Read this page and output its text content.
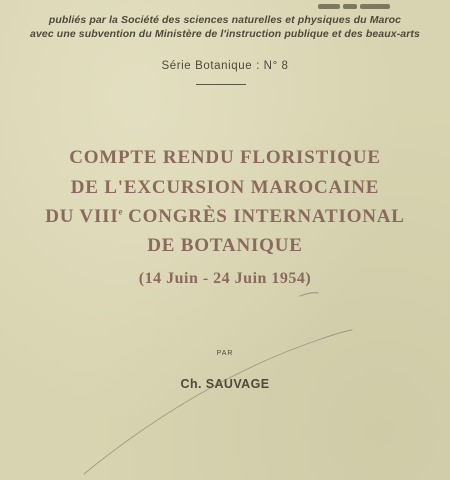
publiés par la Société des sciences naturelles et physiques du Maroc
avec une subvention du Ministère de l'instruction publique et des beaux-arts
Série Botanique : N° 8
COMPTE RENDU FLORISTIQUE
DE L'EXCURSION MAROCAINE
DU VIIIe CONGRÈS INTERNATIONAL
DE BOTANIQUE
(14 Juin - 24 Juin 1954)
PAR
Ch. SAUVAGE
